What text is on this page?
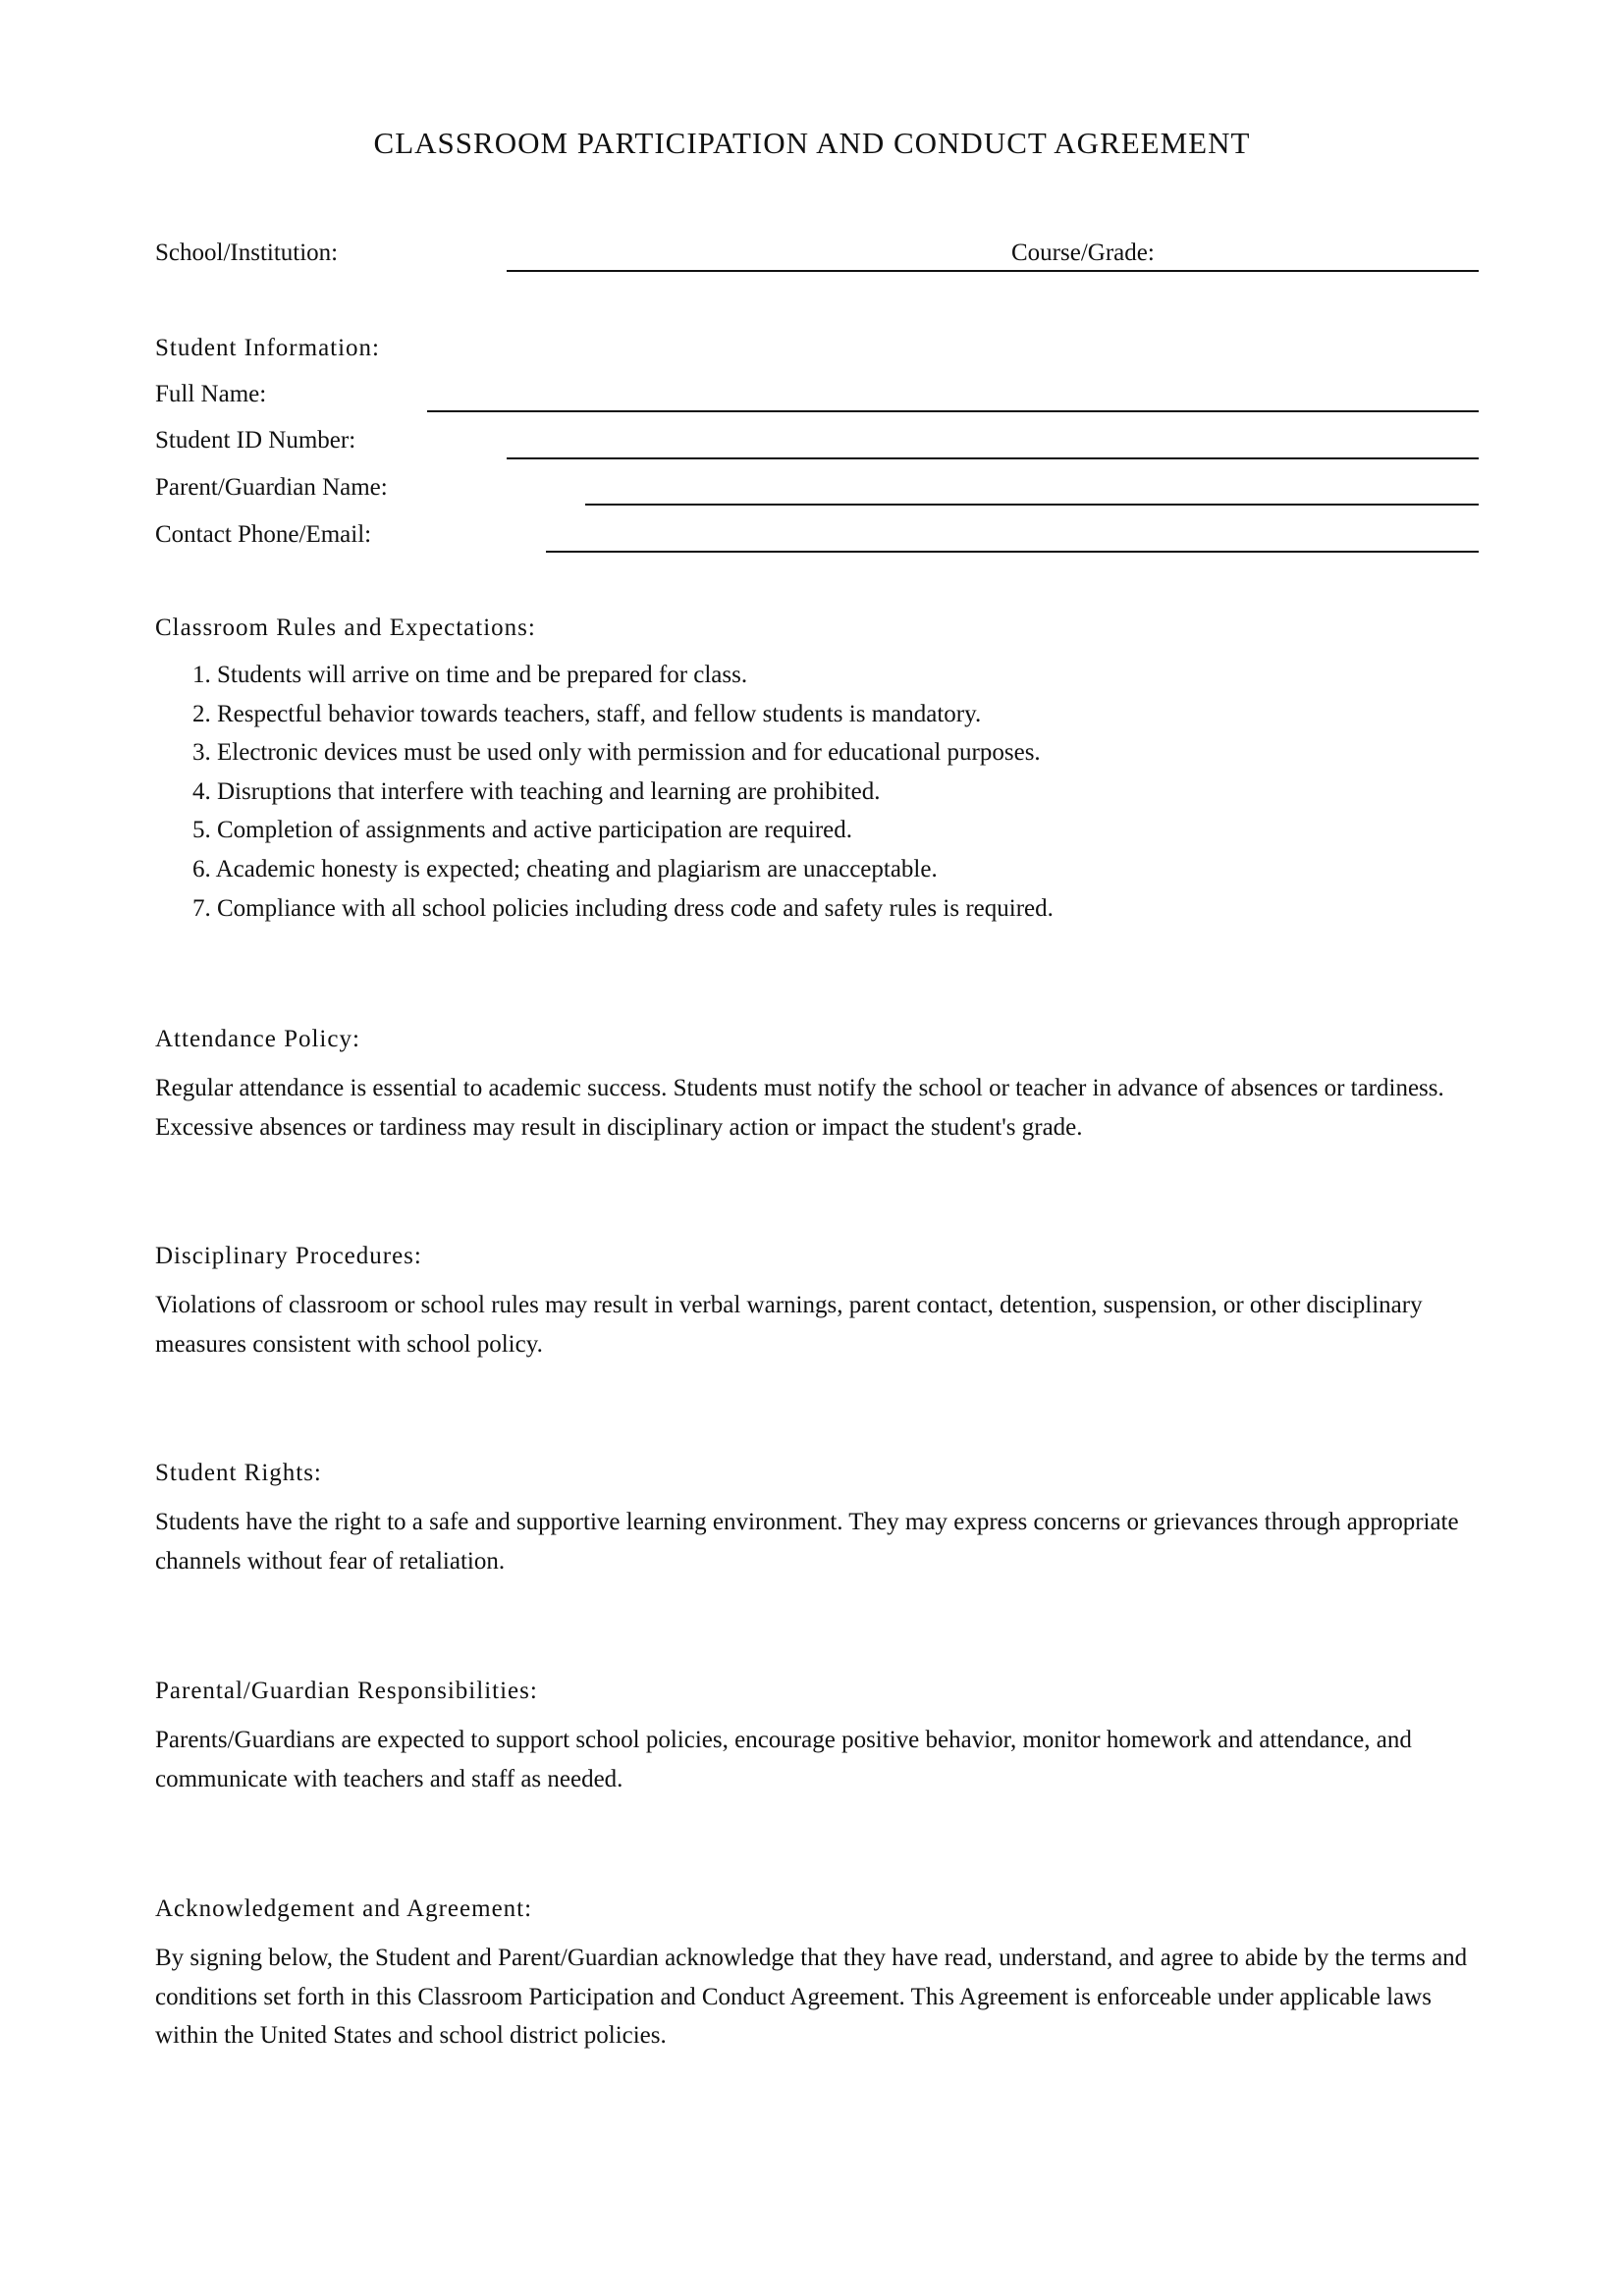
CLASSROOM PARTICIPATION AND CONDUCT AGREEMENT
School/Institution:	Course/Grade:
Student Information:
Full Name:
Student ID Number:
Parent/Guardian Name:
Contact Phone/Email:
Classroom Rules and Expectations:
1. Students will arrive on time and be prepared for class.
2. Respectful behavior towards teachers, staff, and fellow students is mandatory.
3. Electronic devices must be used only with permission and for educational purposes.
4. Disruptions that interfere with teaching and learning are prohibited.
5. Completion of assignments and active participation are required.
6. Academic honesty is expected; cheating and plagiarism are unacceptable.
7. Compliance with all school policies including dress code and safety rules is required.
Attendance Policy:

Regular attendance is essential to academic success. Students must notify the school or teacher in advance of absences or tardiness. Excessive absences or tardiness may result in disciplinary action or impact the student's grade.

Disciplinary Procedures:

Violations of classroom or school rules may result in verbal warnings, parent contact, detention, suspension, or other disciplinary measures consistent with school policy.

Student Rights:

Students have the right to a safe and supportive learning environment. They may express concerns or grievances through appropriate channels without fear of retaliation.

Parental/Guardian Responsibilities:

Parents/Guardians are expected to support school policies, encourage positive behavior, monitor homework and attendance, and communicate with teachers and staff as needed.

Acknowledgement and Agreement:

By signing below, the Student and Parent/Guardian acknowledge that they have read, understand, and agree to abide by the terms and conditions set forth in this Classroom Participation and Conduct Agreement. This Agreement is enforceable under applicable laws within the United States and school district policies.
